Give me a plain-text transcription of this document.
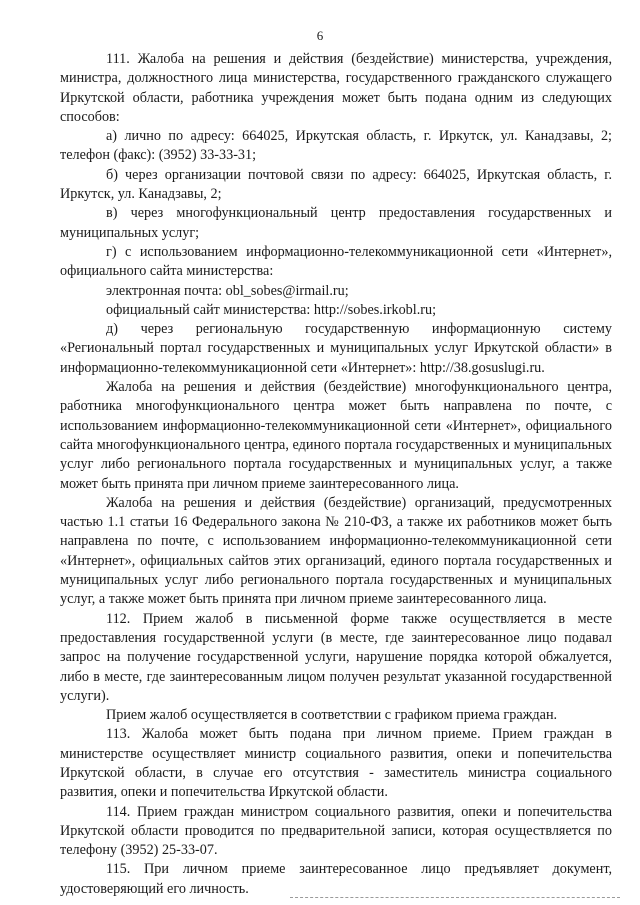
6

111. Жалоба на решения и действия (бездействие) министерства, учреждения, министра, должностного лица министерства, государственного гражданского служащего Иркутской области, работника учреждения может быть подана одним из следующих способов:

а) лично по адресу: 664025, Иркутская область, г. Иркутск, ул. Канадзавы, 2; телефон (факс): (3952) 33-33-31;

б) через организации почтовой связи по адресу: 664025, Иркутская область, г. Иркутск, ул. Канадзавы, 2;

в) через многофункциональный центр предоставления государственных и муниципальных услуг;

г) с использованием информационно-телекоммуникационной сети «Интернет», официального сайта министерства:

электронная почта: obl_sobes@irmail.ru;

официальный сайт министерства: http://sobes.irkobl.ru;

д) через региональную государственную информационную систему «Региональный портал государственных и муниципальных услуг Иркутской области» в информационно-телекоммуникационной сети «Интернет»: http://38.gosuslugi.ru.

Жалоба на решения и действия (бездействие) многофункционального центра, работника многофункционального центра может быть направлена по почте, с использованием информационно-телекоммуникационной сети «Интернет», официального сайта многофункционального центра, единого портала государственных и муниципальных услуг либо регионального портала государственных и муниципальных услуг, а также может быть принята при личном приеме заинтересованного лица.

Жалоба на решения и действия (бездействие) организаций, предусмотренных частью 1.1 статьи 16 Федерального закона № 210-ФЗ, а также их работников может быть направлена по почте, с использованием информационно-телекоммуникационной сети «Интернет», официальных сайтов этих организаций, единого портала государственных и муниципальных услуг либо регионального портала государственных и муниципальных услуг, а также может быть принята при личном приеме заинтересованного лица.

112. Прием жалоб в письменной форме также осуществляется в месте предоставления государственной услуги (в месте, где заинтересованное лицо подавал запрос на получение государственной услуги, нарушение порядка которой обжалуется, либо в месте, где заинтересованным лицом получен результат указанной государственной услуги).

Прием жалоб осуществляется в соответствии с графиком приема граждан.

113. Жалоба может быть подана при личном приеме. Прием граждан в министерстве осуществляет министр социального развития, опеки и попечительства Иркутской области, в случае его отсутствия - заместитель министра социального развития, опеки и попечительства Иркутской области.

114. Прием граждан министром социального развития, опеки и попечительства Иркутской области проводится по предварительной записи, которая осуществляется по телефону (3952) 25-33-07.

115. При личном приеме заинтересованное лицо предъявляет документ, удостоверяющий его личность.
